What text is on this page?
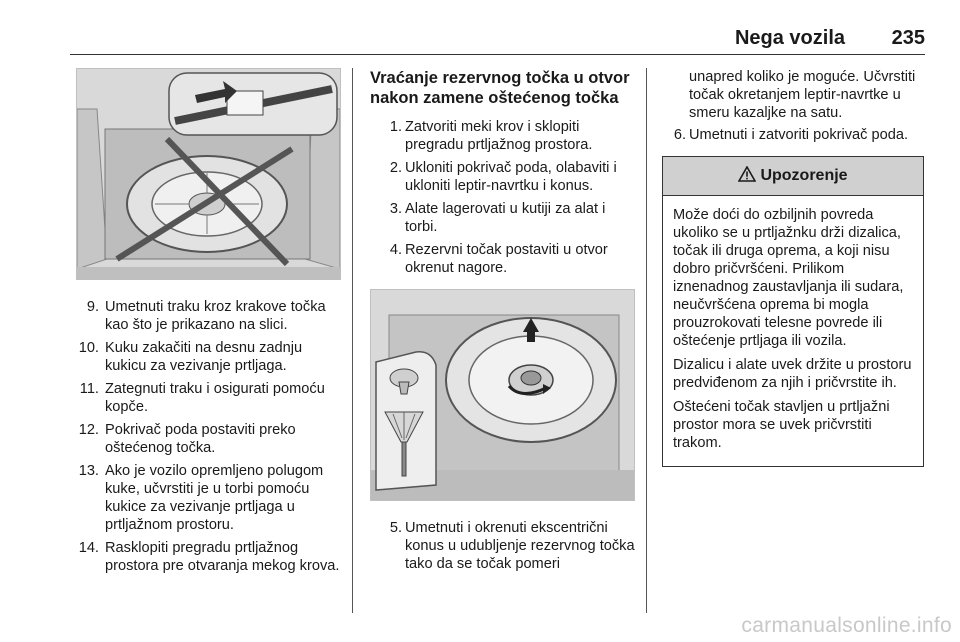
Nega vozila 235
9. Umetnuti traku kroz krakove točka kao što je prikazano na slici.
10. Kuku zakačiti na desnu zadnju kukicu za vezivanje prtljaga.
11. Zategnuti traku i osigurati pomoću kopče.
12. Pokrivač poda postaviti preko oštećenog točka.
13. Ako je vozilo opremljeno polugom kuke, učvrstiti je u torbi pomoću kukice za vezivanje prtljaga u prtljažnom prostoru.
14. Rasklopiti pregradu prtljažnog prostora pre otvaranja mekog krova.
Vraćanje rezervnog točka u otvor nakon zamene oštećenog točka
1. Zatvoriti meki krov i sklopiti pregradu prtljažnog prostora.
2. Ukloniti pokrivač poda, olabaviti i ukloniti leptir-navrtku i konus.
3. Alate lagerovati u kutiji za alat i torbi.
4. Rezervni točak postaviti u otvor okrenut nagore.
5. Umetnuti i okrenuti ekscentrični konus u udubljenje rezervnog točka tako da se točak pomeri

unapred koliko je moguće. Učvrstiti točak okretanjem leptir-navrtke u smeru kazaljke na satu.

6. Umetnuti i zatvoriti pokrivač poda.
Upozorenje

Može doći do ozbiljnih povreda ukoliko se u prtljažnku drži dizalica, točak ili druga oprema, a koji nisu dobro pričvršćeni. Prilikom iznenadnog zaustavljanja ili sudara, neučvršćena oprema bi mogla prouzrokovati telesne povrede ili oštećenje prtljaga ili vozila.

Dizalicu i alate uvek držite u prostoru predviđenom za njih i pričvrstite ih.

Oštećeni točak stavljen u prtljažni prostor mora se uvek pričvrstiti trakom.

carmanualsonline.info
